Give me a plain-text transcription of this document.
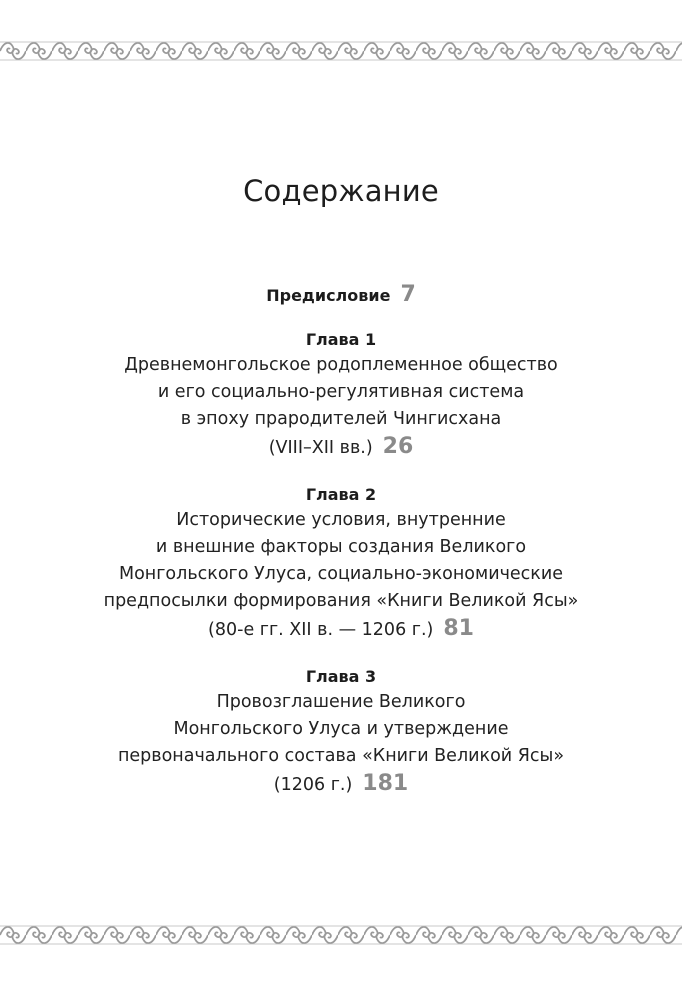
Содержание
Предисловие 7
Глава 1
Древнемонгольское родоплеменное общество
и его социально-регулятивная система
в эпоху прародителей Чингисхана
(VIII–XII вв.) 26
Глава 2
Исторические условия, внутренние
и внешние факторы создания Великого
Монгольского Улуса, социально-экономические
предпосылки формирования «Книги Великой Ясы»
(80-е гг. XII в. — 1206 г.) 81
Глава 3
Провозглашение Великого
Монгольского Улуса и утверждение
первоначального состава «Книги Великой Ясы»
(1206 г.) 181
